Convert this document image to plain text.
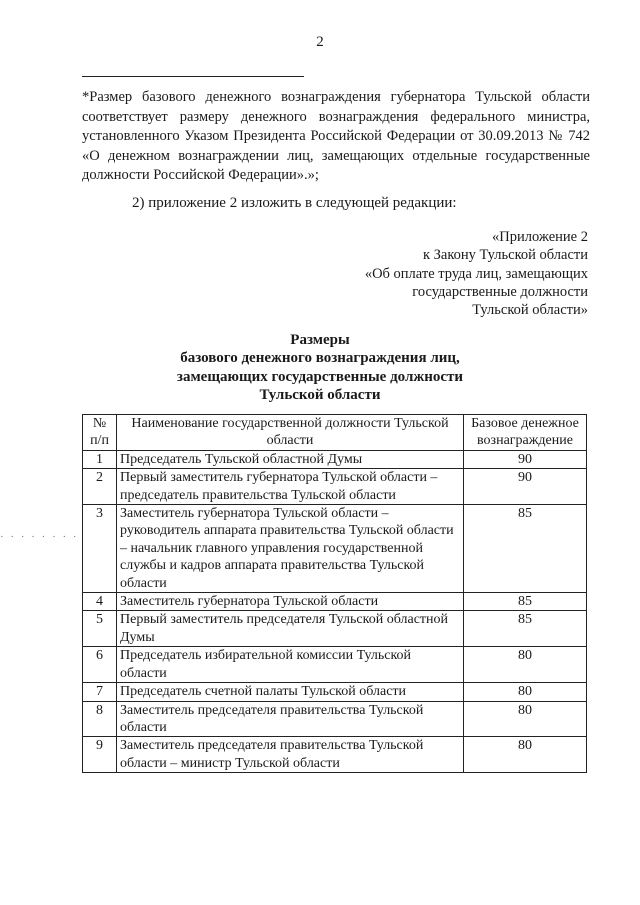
2
*Размер базового денежного вознаграждения губернатора Тульской области соответствует размеру денежного вознаграждения федерального министра, установленного Указом Президента Российской Федерации от 30.09.2013 № 742 «О денежном вознаграждении лиц, замещающих отдельные государственные должности Российской Федерации».»;
2) приложение 2 изложить в следующей редакции:
«Приложение 2
к Закону Тульской области
«Об оплате труда лиц, замещающих
государственные должности
Тульской области»
Размеры
базового денежного вознаграждения лиц,
замещающих государственные должности
Тульской области
· · · · · · · ·
№ п/п	Наименование государственной должности Тульской области	Базовое денежное вознаграждение
1	Председатель Тульской областной Думы	90
2	Первый заместитель губернатора Тульской области – председатель правительства Тульской области	90
3	Заместитель губернатора Тульской области – руководитель аппарата правительства Тульской области – начальник главного управления государственной службы и кадров аппарата правительства Тульской области	85
4	Заместитель губернатора Тульской области	85
5	Первый заместитель председателя Тульской областной Думы	85
6	Председатель избирательной комиссии Тульской области	80
7	Председатель счетной палаты Тульской области	80
8	Заместитель председателя правительства Тульской области	80
9	Заместитель председателя правительства Тульской области – министр Тульской области	80
